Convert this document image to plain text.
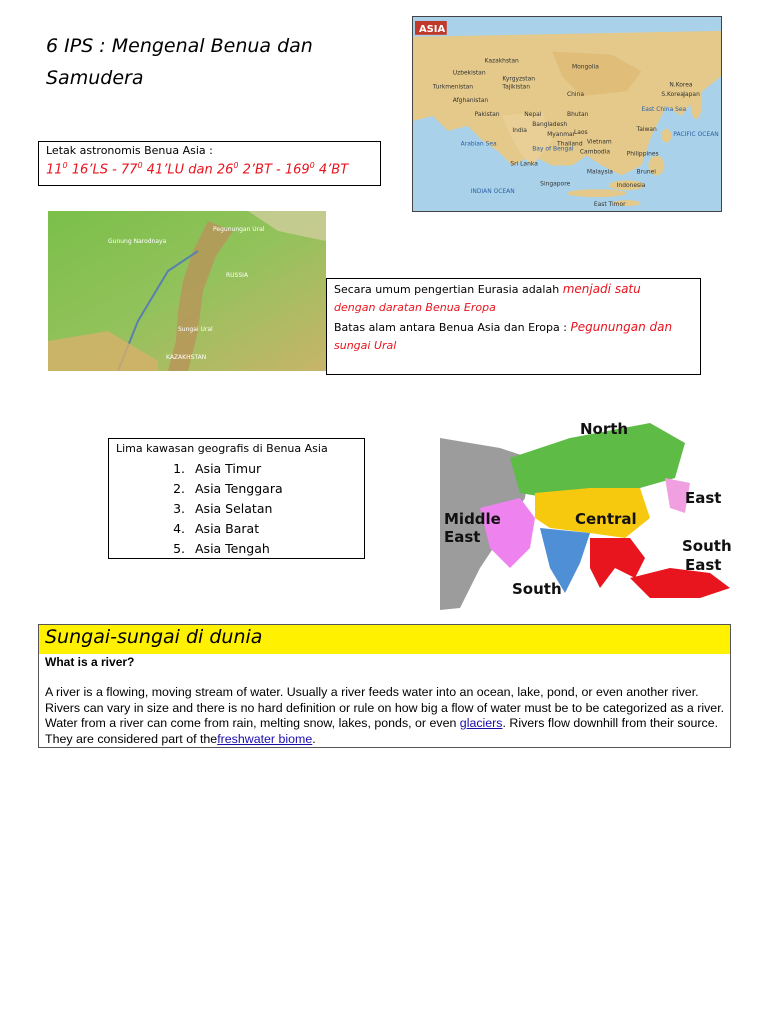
6 IPS : Mengenal Benua dan
Samudera
Letak astronomis Benua Asia :
$11^0$ 16’LS - $77^0$ 41’LU dan $26^0$ 2’BT - $169^0$ 4’BT
ASIA
Kazakhstan
Mongolia
Uzbekistan
Kyrgyzstan
Turkmenistan	Tajikistan
Afghanistan
N.Korea
S.Korea Japan
China
Pakistan	Nepal	Bhutan
India
Bangladesh
Myanmar
Taiwan
Laos
Vietnam
Thailand
Philippines
Cambodia
Sri Lanka
Malaysia	Brunei
Singapore	Indonesia
East Timor
INDIAN OCEAN
PACIFIC OCEAN
Arabian Sea
Bay of Bengal
East China Sea
RUSSIA
KAZAKHSTAN
Gunung Narodnaya
Pegunungan Ural
Sungai Ural
Secara umum pengertian Eurasia adalah menjadi satu
dengan daratan Benua Eropa
Batas alam antara Benua Asia dan Eropa : Pegunungan dan
sungai Ural
Lima kawasan geografis di Benua Asia
1. Asia Timur
2. Asia Tenggara
3. Asia Selatan
4. Asia Barat
5. Asia Tengah
North
East
Central
Middle
East
South
South
East
Sungai-sungai di dunia
What is a river?

A river is a flowing, moving stream of water. Usually a river feeds water into an ocean, lake, pond, or even another river. Rivers can vary in size and there is no hard definition or rule on how big a flow of water must be to be categorized as a river. Water from a river can come from rain, melting snow, lakes, ponds, or even glaciers. Rivers flow downhill from their source. They are considered part of thefreshwater biome.
